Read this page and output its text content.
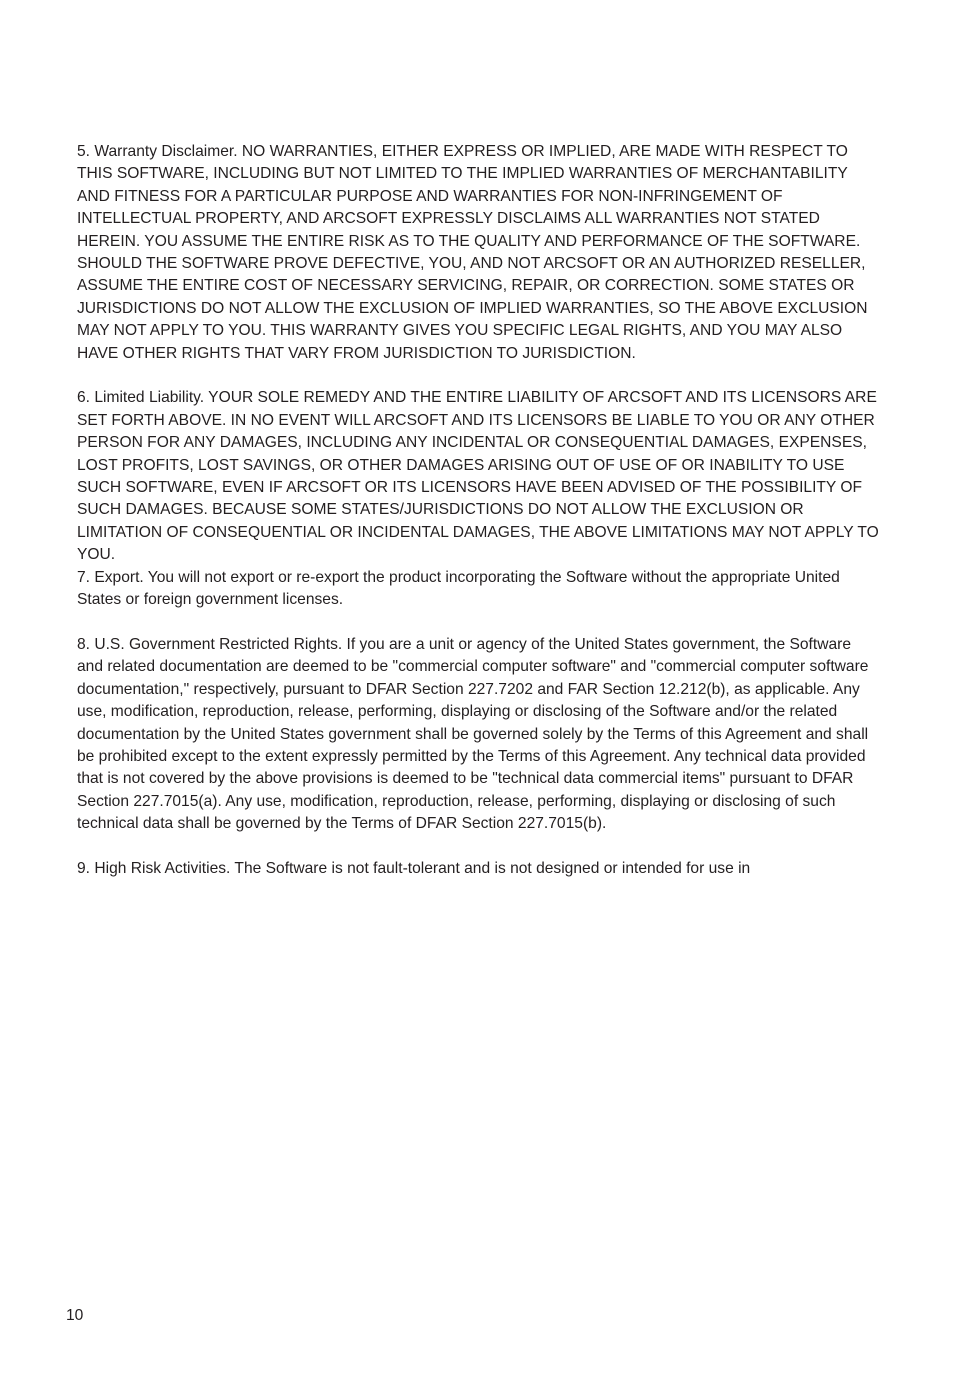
5. Warranty Disclaimer. NO WARRANTIES, EITHER EXPRESS OR IMPLIED, ARE MADE WITH RESPECT TO THIS SOFTWARE, INCLUDING BUT NOT LIMITED TO THE IMPLIED WARRANTIES OF MERCHANTABILITY AND FITNESS FOR A PARTICULAR PURPOSE AND WARRANTIES FOR NON-INFRINGEMENT OF INTELLECTUAL PROPERTY, AND ARCSOFT EXPRESSLY DISCLAIMS ALL WARRANTIES NOT STATED HEREIN. YOU ASSUME THE ENTIRE RISK AS TO THE QUALITY AND PERFORMANCE OF THE SOFTWARE. SHOULD THE SOFTWARE PROVE DEFECTIVE, YOU, AND NOT ARCSOFT OR AN AUTHORIZED RESELLER, ASSUME THE ENTIRE COST OF NECESSARY SERVICING, REPAIR, OR CORRECTION. SOME STATES OR JURISDICTIONS DO NOT ALLOW THE EXCLUSION OF IMPLIED WARRANTIES, SO THE ABOVE EXCLUSION MAY NOT APPLY TO YOU. THIS WARRANTY GIVES YOU SPECIFIC LEGAL RIGHTS, AND YOU MAY ALSO HAVE OTHER RIGHTS THAT VARY FROM JURISDICTION TO JURISDICTION.

6. Limited Liability. YOUR SOLE REMEDY AND THE ENTIRE LIABILITY OF ARCSOFT AND ITS LICENSORS ARE SET FORTH ABOVE. IN NO EVENT WILL ARCSOFT AND ITS LICENSORS BE LIABLE TO YOU OR ANY OTHER PERSON FOR ANY DAMAGES, INCLUDING ANY INCIDENTAL OR CONSEQUENTIAL DAMAGES, EXPENSES, LOST PROFITS, LOST SAVINGS, OR OTHER DAMAGES ARISING OUT OF USE OF OR INABILITY TO USE SUCH SOFTWARE, EVEN IF ARCSOFT OR ITS LICENSORS HAVE BEEN ADVISED OF THE POSSIBILITY OF SUCH DAMAGES. BECAUSE SOME STATES/JURISDICTIONS DO NOT ALLOW THE EXCLUSION OR LIMITATION OF CONSEQUENTIAL OR INCIDENTAL DAMAGES, THE ABOVE LIMITATIONS MAY NOT APPLY TO YOU.

7. Export. You will not export or re-export the product incorporating the Software without the appropriate United States or foreign government licenses.

8. U.S. Government Restricted Rights. If you are a unit or agency of the United States government, the Software and related documentation are deemed to be "commercial computer software" and "commercial computer software documentation," respectively, pursuant to DFAR Section 227.7202 and FAR Section 12.212(b), as applicable. Any use, modification, reproduction, release, performing, displaying or disclosing of the Software and/or the related documentation by the United States government shall be governed solely by the Terms of this Agreement and shall be prohibited except to the extent expressly permitted by the Terms of this Agreement. Any technical data provided that is not covered by the above provisions is deemed to be "technical data commercial items" pursuant to DFAR Section 227.7015(a). Any use, modification, reproduction, release, performing, displaying or disclosing of such technical data shall be governed by the Terms of DFAR Section 227.7015(b).

9. High Risk Activities. The Software is not fault-tolerant and is not designed or intended for use in

10
